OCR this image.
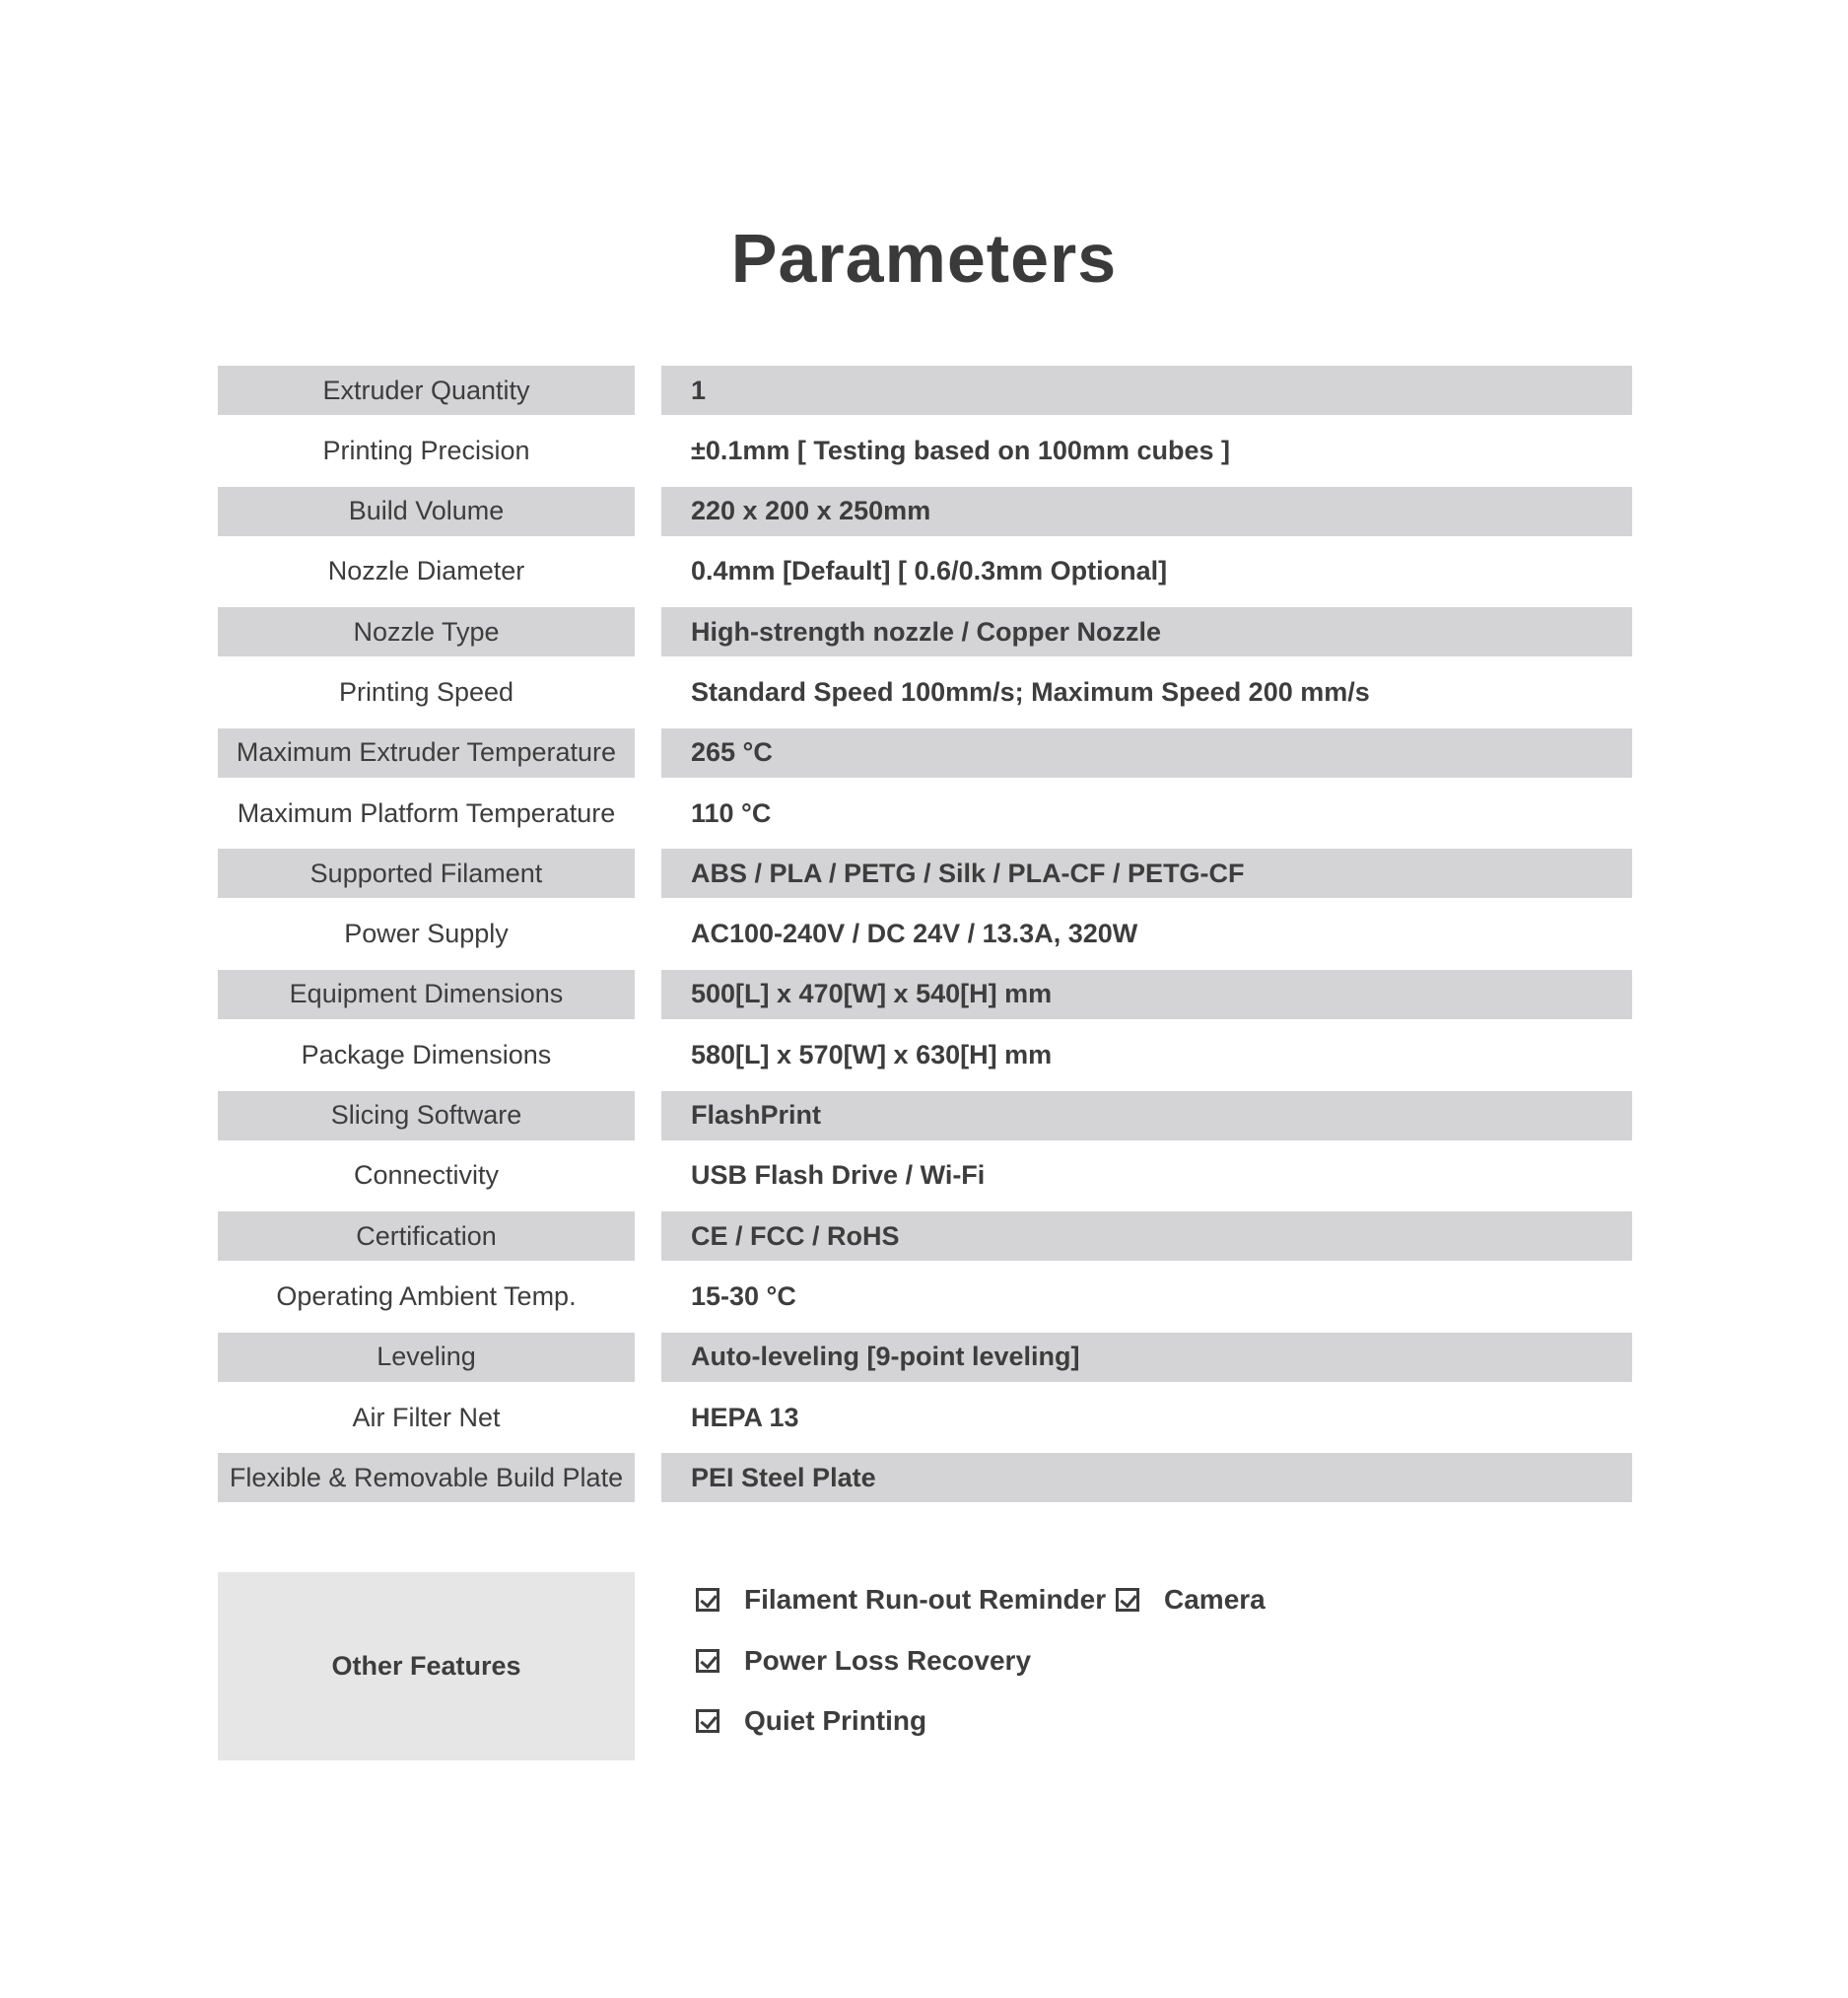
Parameters
Extruder Quantity	1
Printing Precision	±0.1mm [ Testing based on 100mm cubes ]
Build Volume	220 x 200 x 250mm
Nozzle Diameter	0.4mm [Default] [ 0.6/0.3mm Optional]
Nozzle Type	High-strength nozzle / Copper Nozzle
Printing Speed	Standard Speed 100mm/s; Maximum Speed 200 mm/s
Maximum Extruder Temperature	265 °C
Maximum Platform Temperature	110 °C
Supported Filament	ABS / PLA / PETG / Silk / PLA-CF / PETG-CF
Power Supply	AC100-240V / DC 24V / 13.3A, 320W
Equipment Dimensions	500[L] x 470[W] x 540[H] mm
Package Dimensions	580[L] x 570[W] x 630[H] mm
Slicing Software	FlashPrint
Connectivity	USB Flash Drive / Wi-Fi
Certification	CE / FCC / RoHS
Operating Ambient Temp.	15-30 °C
Leveling	Auto-leveling [9-point leveling]
Air Filter Net	HEPA 13
Flexible & Removable Build Plate	PEI Steel Plate
Other Features
Filament Run-out Reminder Camera
Power Loss Recovery
Quiet Printing
